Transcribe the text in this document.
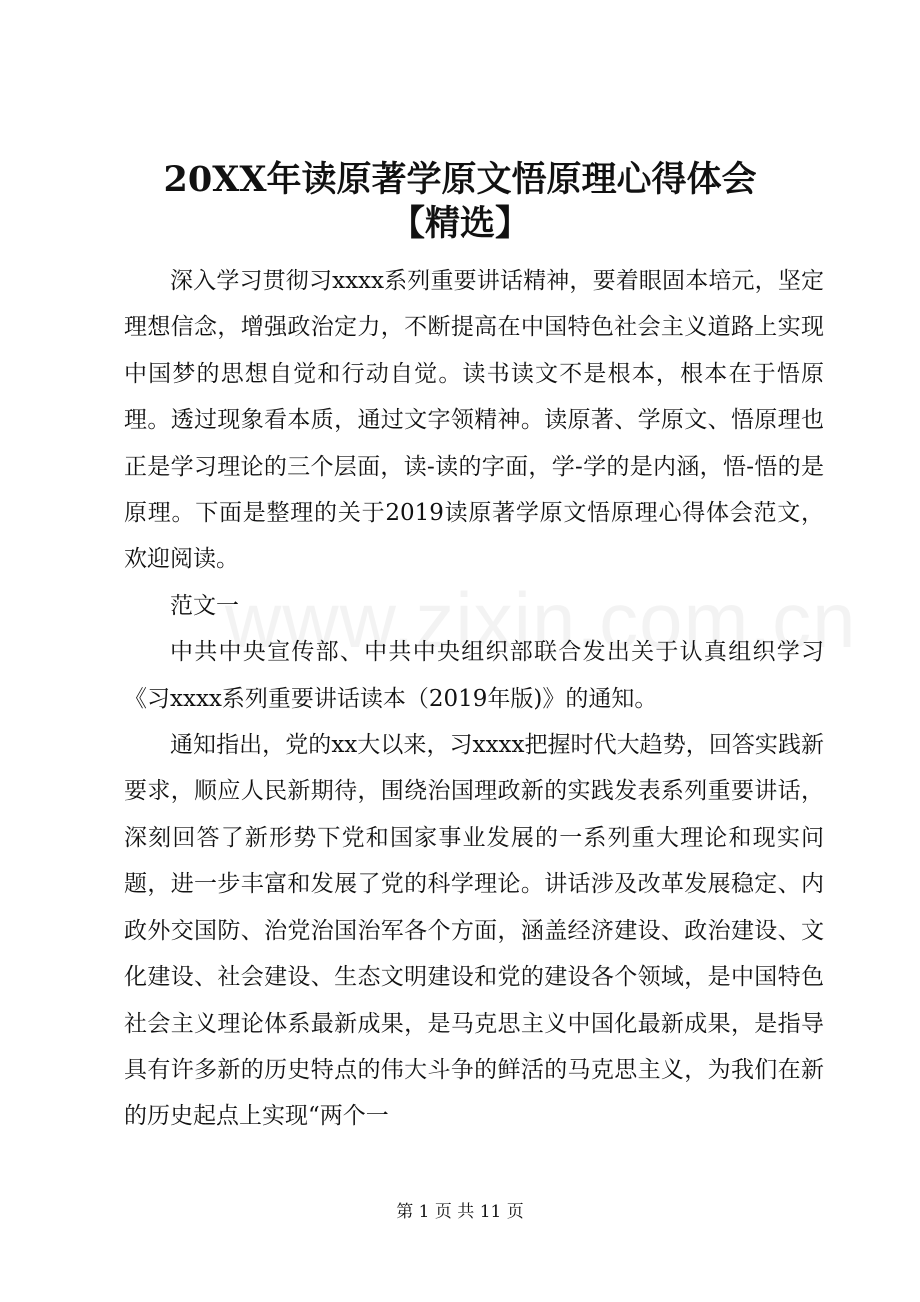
20XX年读原著学原文悟原理心得体会【精选】

深入学习贯彻习xxxx系列重要讲话精神，要着眼固本培元，坚定理想信念，增强政治定力，不断提高在中国特色社会主义道路上实现中国梦的思想自觉和行动自觉。读书读文不是根本，根本在于悟原理。透过现象看本质，通过文字领精神。读原著、学原文、悟原理也正是学习理论的三个层面，读-读的字面，学-学的是内涵，悟-悟的是原理。下面是整理的关于2019读原著学原文悟原理心得体会范文，欢迎阅读。

范文一

中共中央宣传部、中共中央组织部联合发出关于认真组织学习《习xxxx系列重要讲话读本（2019年版)》的通知。

通知指出，党的xx大以来，习xxxx把握时代大趋势，回答实践新要求，顺应人民新期待，围绕治国理政新的实践发表系列重要讲话，深刻回答了新形势下党和国家事业发展的一系列重大理论和现实问题，进一步丰富和发展了党的科学理论。讲话涉及改革发展稳定、内政外交国防、治党治国治军各个方面，涵盖经济建设、政治建设、文化建设、社会建设、生态文明建设和党的建设各个领域，是中国特色社会主义理论体系最新成果，是马克思主义中国化最新成果，是指导具有许多新的历史特点的伟大斗争的鲜活的马克思主义，为我们在新的历史起点上实现“两个一

第 1 页 共 11 页
